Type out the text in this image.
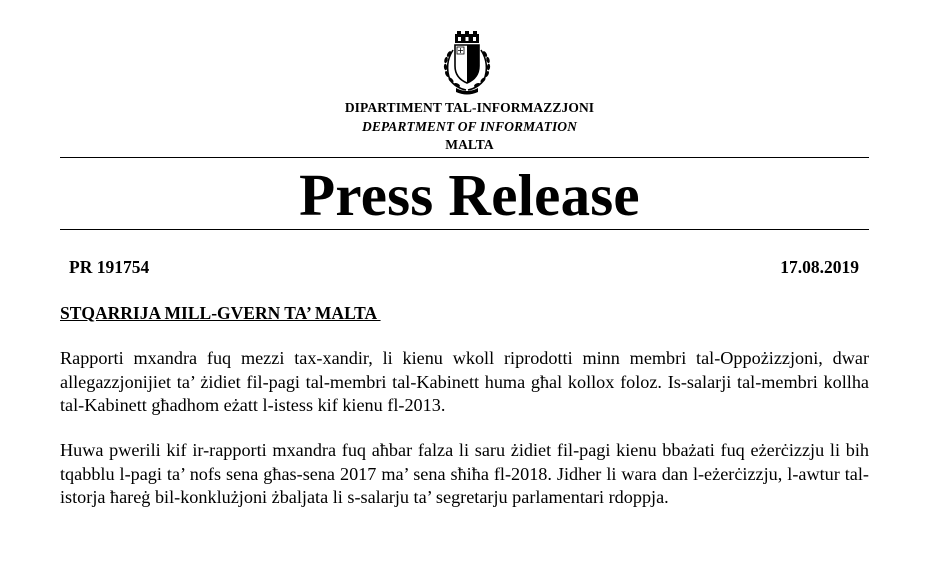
DIPARTIMENT TAL-INFORMAZZJONI
DEPARTMENT OF INFORMATION
MALTA
Press Release
PR 191754	17.08.2019
STQARRIJA MILL-GVERN TA’ MALTA
Rapporti mxandra fuq mezzi tax-xandir, li kienu wkoll riprodotti minn membri tal-Oppożizzjoni, dwar allegazzjonijiet ta’ żidiet fil-pagi tal-membri tal-Kabinett huma għal kollox foloz. Is-salarji tal-membri kollha tal-Kabinett għadhom eżatt l-istess kif kienu fl-2013.
Huwa pwerili kif ir-rapporti mxandra fuq aħbar falza li saru żidiet fil-pagi kienu bbażati fuq eżerċizzju li bih tqabblu l-pagi ta’ nofs sena għas-sena 2017 ma’ sena sħiħa fl-2018. Jidher li wara dan l-eżerċizzju, l-awtur tal-istorja ħareġ bil-konklużjoni żbaljata li s-salarju ta’ segretarju parlamentari rdoppja.
